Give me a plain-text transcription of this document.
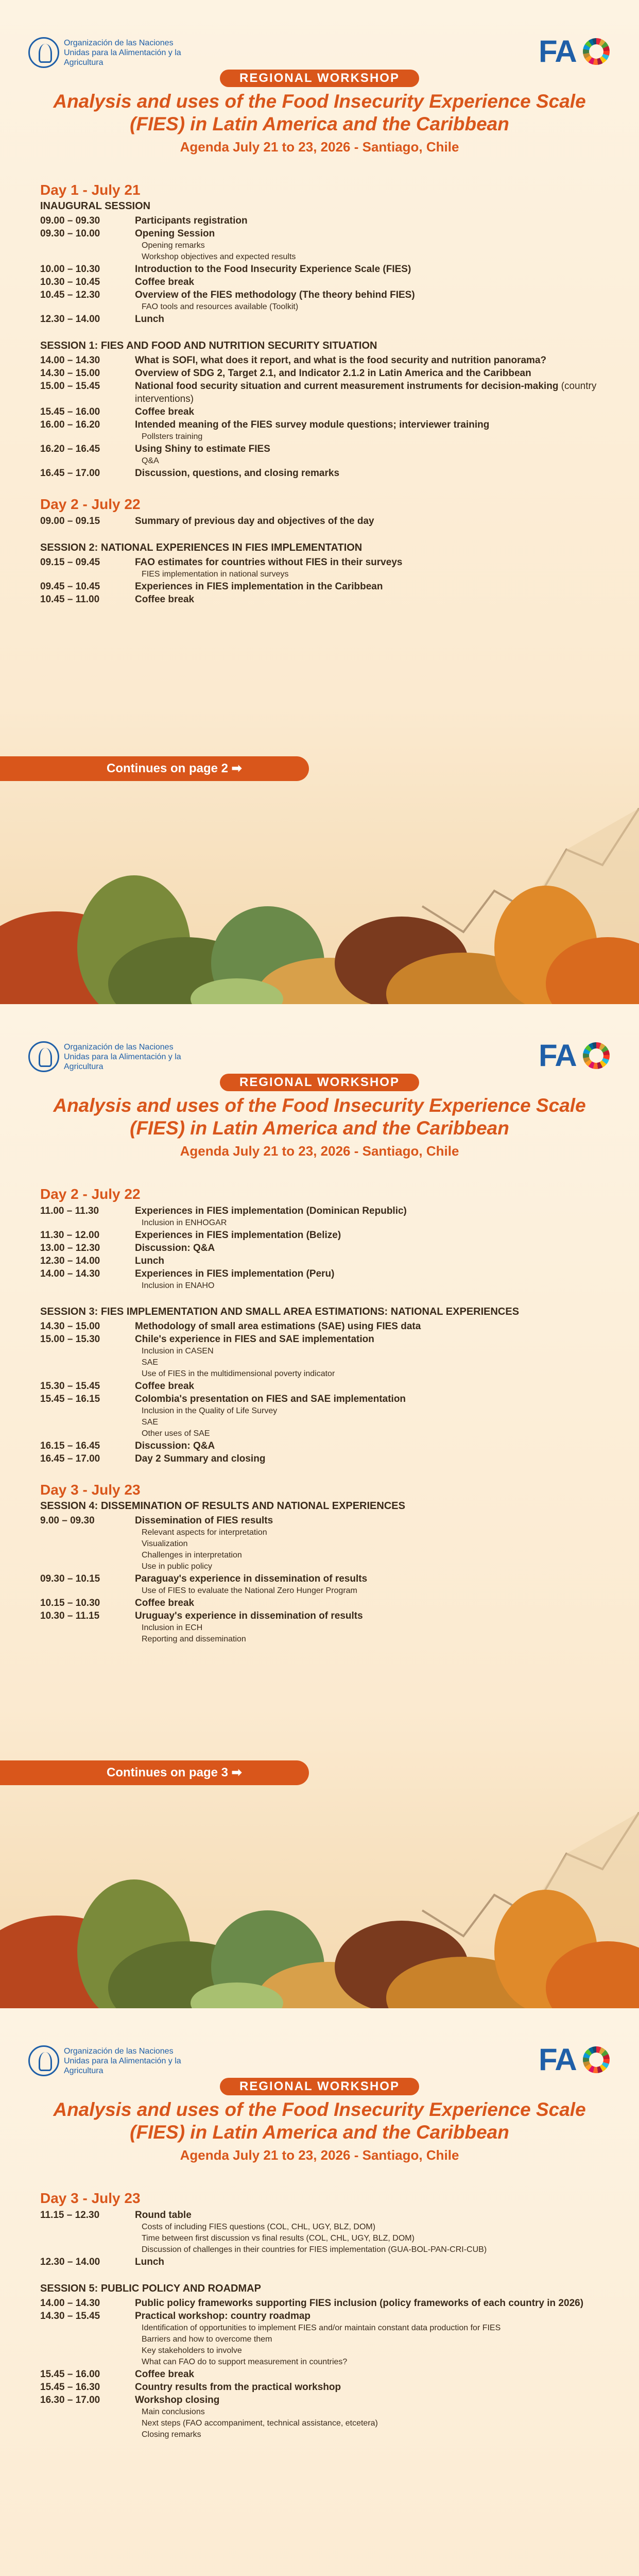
Organización de las Naciones Unidas para la Alimentación y la Agricultura	FA
REGIONAL WORKSHOP
Analysis and uses of the Food Insecurity Experience Scale (FIES) in Latin America and the Caribbean
Agenda July 21 to 23, 2026 - Santiago, Chile
Day 1 - July 21
INAUGURAL SESSION
09.00 – 09.30	Participants registration
09.30 – 10.00	Opening Session
Opening remarks
Workshop objectives and expected results
10.00 – 10.30	Introduction to the Food Insecurity Experience Scale (FIES)
10.30 – 10.45	Coffee break
10.45 – 12.30	Overview of the FIES methodology (The theory behind FIES)
FAO tools and resources available (Toolkit)
12.30 – 14.00	Lunch
SESSION 1: FIES AND FOOD AND NUTRITION SECURITY SITUATION
14.00 – 14.30	What is SOFI, what does it report, and what is the food security and nutrition panorama?
14.30 – 15.00	Overview of SDG 2, Target 2.1, and Indicator 2.1.2 in Latin America and the Caribbean
15.00 – 15.45	National food security situation and current measurement instruments for decision-making (country interventions)
15.45 – 16.00	Coffee break
16.00 – 16.20	Intended meaning of the FIES survey module questions; interviewer training
Pollsters training
16.20 – 16.45	Using Shiny to estimate FIES
Q&A
16.45 – 17.00	Discussion, questions, and closing remarks
Day 2 - July 22
09.00 – 09.15	Summary of previous day and objectives of the day
SESSION 2: NATIONAL EXPERIENCES IN FIES IMPLEMENTATION
09.15 – 09.45	FAO estimates for countries without FIES in their surveys
FIES implementation in national surveys
09.45 – 10.45	Experiences in FIES implementation in the Caribbean
10.45 – 11.00	Coffee break
Continues on page 2 ➡
Organización de las Naciones Unidas para la Alimentación y la Agricultura	FA
REGIONAL WORKSHOP
Analysis and uses of the Food Insecurity Experience Scale (FIES) in Latin America and the Caribbean
Agenda July 21 to 23, 2026 - Santiago, Chile
Day 2 - July 22
11.00 – 11.30	Experiences in FIES implementation (Dominican Republic)
Inclusion in ENHOGAR
11.30 – 12.00	Experiences in FIES implementation (Belize)
13.00 – 12.30	Discussion: Q&A
12.30 – 14.00	Lunch
14.00 – 14.30	Experiences in FIES implementation (Peru)
Inclusion in ENAHO
SESSION 3: FIES IMPLEMENTATION AND SMALL AREA ESTIMATIONS: NATIONAL EXPERIENCES
14.30 – 15.00	Methodology of small area estimations (SAE) using FIES data
15.00 – 15.30	Chile's experience in FIES and SAE implementation
Inclusion in CASEN
SAE
Use of FIES in the multidimensional poverty indicator
15.30 – 15.45	Coffee break
15.45 – 16.15	Colombia's presentation on FIES and SAE implementation
Inclusion in the Quality of Life Survey
SAE
Other uses of SAE
16.15 – 16.45	Discussion: Q&A
16.45 – 17.00	Day 2 Summary and closing
Day 3 - July 23
SESSION 4: DISSEMINATION OF RESULTS AND NATIONAL EXPERIENCES
9.00 – 09.30	Dissemination of FIES results
Relevant aspects for interpretation
Visualization
Challenges in interpretation
Use in public policy
09.30 – 10.15	Paraguay's experience in dissemination of results
Use of FIES to evaluate the National Zero Hunger Program
10.15 – 10.30	Coffee break
10.30 – 11.15	Uruguay's experience in dissemination of results
Inclusion in ECH
Reporting and dissemination
Continues on page 3 ➡
Organización de las Naciones Unidas para la Alimentación y la Agricultura	FA
REGIONAL WORKSHOP
Analysis and uses of the Food Insecurity Experience Scale (FIES) in Latin America and the Caribbean
Agenda July 21 to 23, 2026 - Santiago, Chile
Day 3 - July 23
11.15 – 12.30	Round table
Costs of including FIES questions (COL, CHL, UGY, BLZ, DOM)
Time between first discussion vs final results (COL, CHL, UGY, BLZ, DOM)
Discussion of challenges in their countries for FIES implementation (GUA-BOL-PAN-CRI-CUB)
12.30 – 14.00	Lunch
SESSION 5: PUBLIC POLICY AND ROADMAP
14.00 – 14.30	Public policy frameworks supporting FIES inclusion (policy frameworks of each country in 2026)
14.30 – 15.45	Practical workshop: country roadmap
Identification of opportunities to implement FIES and/or maintain constant data production for FIES
Barriers and how to overcome them
Key stakeholders to involve
What can FAO do to support measurement in countries?
15.45 – 16.00	Coffee break
15.45 – 16.30	Country results from the practical workshop
16.30 – 17.00	Workshop closing
Main conclusions
Next steps (FAO accompaniment, technical assistance, etcetera)
Closing remarks
